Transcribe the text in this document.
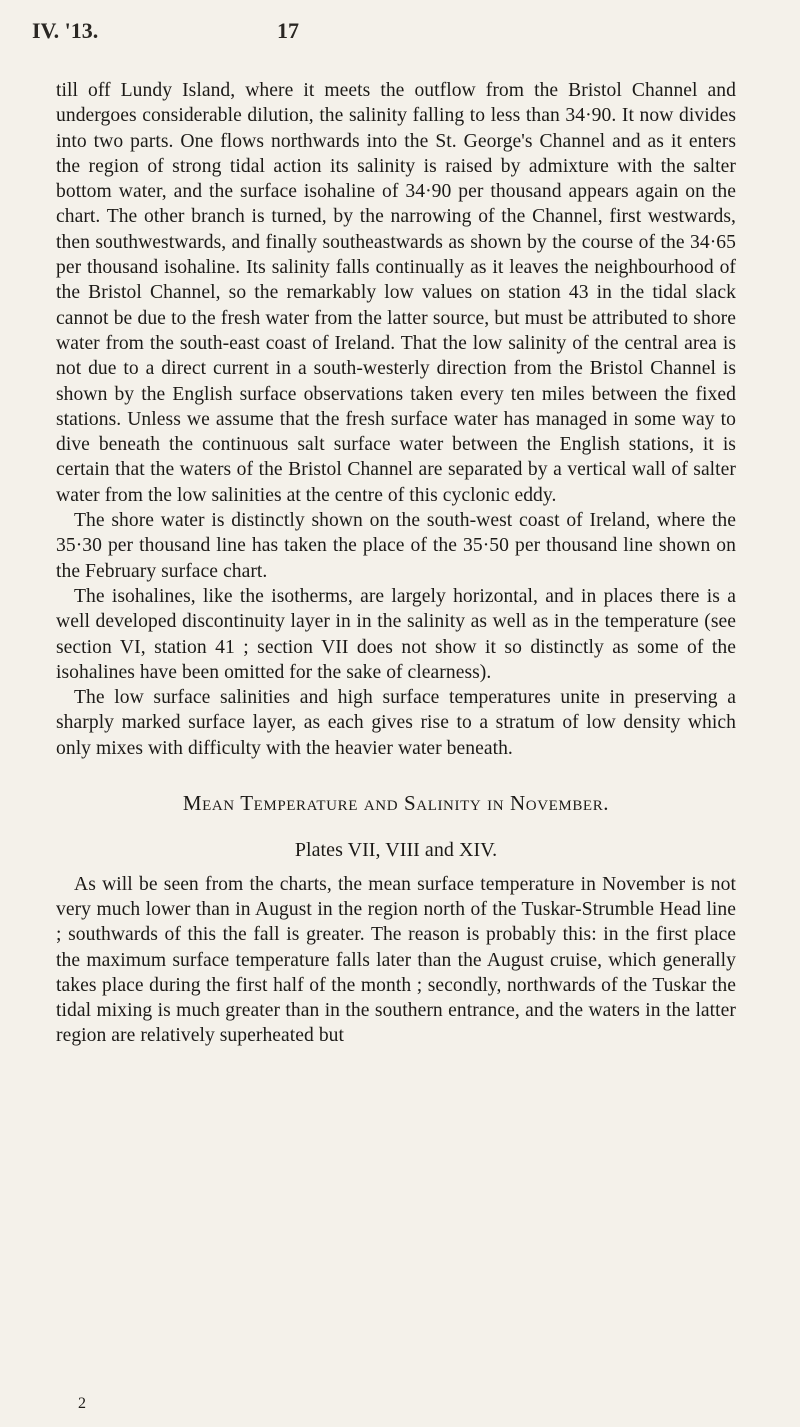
IV. '13.	17

till off Lundy Island, where it meets the outflow from the Bristol Channel and undergoes considerable dilution, the salinity falling to less than 34·90. It now divides into two parts. One flows northwards into the St. George's Channel and as it enters the region of strong tidal action its salinity is raised by admixture with the salter bottom water, and the surface isohaline of 34·90 per thousand appears again on the chart. The other branch is turned, by the narrowing of the Channel, first westwards, then southwestwards, and finally southeastwards as shown by the course of the 34·65 per thousand isohaline. Its salinity falls continually as it leaves the neighbourhood of the Bristol Channel, so the remarkably low values on station 43 in the tidal slack cannot be due to the fresh water from the latter source, but must be attributed to shore water from the south-east coast of Ireland. That the low salinity of the central area is not due to a direct current in a south-westerly direction from the Bristol Channel is shown by the English surface observations taken every ten miles between the fixed stations. Unless we assume that the fresh surface water has managed in some way to dive beneath the continuous salt surface water between the English stations, it is certain that the waters of the Bristol Channel are separated by a vertical wall of salter water from the low salinities at the centre of this cyclonic eddy.

The shore water is distinctly shown on the south-west coast of Ireland, where the 35·30 per thousand line has taken the place of the 35·50 per thousand line shown on the February surface chart.

The isohalines, like the isotherms, are largely horizontal, and in places there is a well developed discontinuity layer in in the salinity as well as in the temperature (see section VI, station 41 ; section VII does not show it so distinctly as some of the isohalines have been omitted for the sake of clearness).

The low surface salinities and high surface temperatures unite in preserving a sharply marked surface layer, as each gives rise to a stratum of low density which only mixes with difficulty with the heavier water beneath.

Mean Temperature and Salinity in November.
Plates VII, VIII and XIV.

As will be seen from the charts, the mean surface temperature in November is not very much lower than in August in the region north of the Tuskar-Strumble Head line ; southwards of this the fall is greater. The reason is probably this: in the first place the maximum surface temperature falls later than the August cruise, which generally takes place during the first half of the month ; secondly, northwards of the Tuskar the tidal mixing is much greater than in the southern entrance, and the waters in the latter region are relatively superheated but

2
